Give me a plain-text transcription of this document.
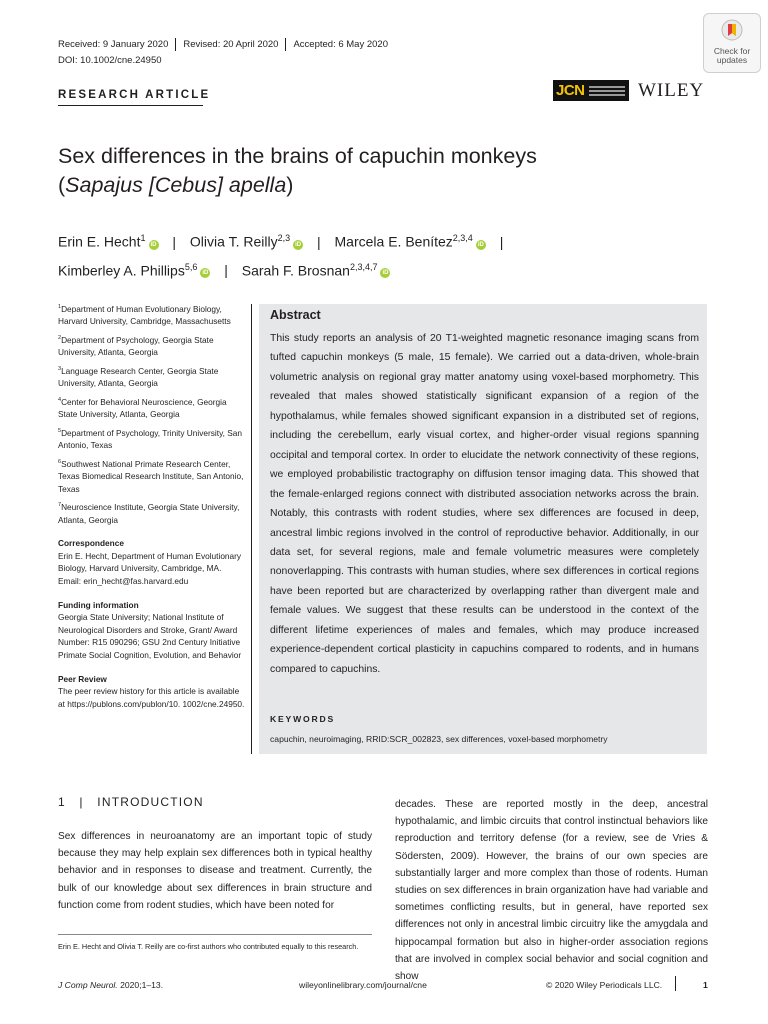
Received: 9 January 2020 Revised: 20 April 2020 Accepted: 6 May 2020
DOI: 10.1002/cne.24950
Check for
updates
RESEARCH ARTICLE	JCN	WILEY
Sex differences in the brains of capuchin monkeys
(Sapajus [Cebus] apella)
Erin E. Hecht$^1$iD | Olivia T. Reilly$^{2,3}$iD | Marcela E. Benítez$^{2,3,4}$iD |
Kimberley A. Phillips$^{5,6}$iD | Sarah F. Brosnan$^{2,3,4,7}$iD
$^1$Department of Human Evolutionary Biology, Harvard University, Cambridge, Massachusetts
$^2$Department of Psychology, Georgia State University, Atlanta, Georgia
$^3$Language Research Center, Georgia State University, Atlanta, Georgia
$^4$Center for Behavioral Neuroscience, Georgia State University, Atlanta, Georgia
$^5$Department of Psychology, Trinity University, San Antonio, Texas
$^6$Southwest National Primate Research Center, Texas Biomedical Research Institute, San Antonio, Texas
$^7$Neuroscience Institute, Georgia State University, Atlanta, Georgia
Correspondence
Erin E. Hecht, Department of Human Evolutionary Biology, Harvard University, Cambridge, MA.
Email: erin_hecht@fas.harvard.edu
Funding information
Georgia State University; National Institute of Neurological Disorders and Stroke, Grant/ Award Number: R15 090296; GSU 2nd Century Initiative Primate Social Cognition, Evolution, and Behavior
Peer Review
The peer review history for this article is available at https://publons.com/publon/10. 1002/cne.24950.
Abstract
This study reports an analysis of 20 T1-weighted magnetic resonance imaging scans from tufted capuchin monkeys (5 male, 15 female). We carried out a data-driven, whole-brain volumetric analysis on regional gray matter anatomy using voxel-based morphometry. This revealed that males showed statistically significant expansion of a region of the hypothalamus, while females showed significant expansion in a distributed set of regions, including the cerebellum, early visual cortex, and higher-order visual regions spanning occipital and temporal cortex. In order to elucidate the network connectivity of these regions, we employed probabilistic tractography on diffusion tensor imaging data. This showed that the female-enlarged regions connect with distributed association networks across the brain. Notably, this contrasts with rodent studies, where sex differences are focused in deep, ancestral limbic regions involved in the control of reproductive behavior. Additionally, in our data set, for several regions, male and female volumetric measures were completely nonoverlapping. This contrasts with human studies, where sex differences in cortical regions have been reported but are characterized by overlapping rather than divergent male and female values. We suggest that these results can be understood in the context of the different lifetime experiences of males and females, which may produce increased experience-dependent cortical plasticity in capuchins compared to rodents, and in humans compared to capuchins.
KEYWORDS
capuchin, neuroimaging, RRID:SCR_002823, sex differences, voxel-based morphometry
1 | INTRODUCTION
Sex differences in neuroanatomy are an important topic of study because they may help explain sex differences both in typical healthy behavior and in responses to disease and treatment. Currently, the bulk of our knowledge about sex differences in brain structure and function come from rodent studies, which have been noted for
decades. These are reported mostly in the deep, ancestral hypothalamic, and limbic circuits that control instinctual behaviors like reproduction and territory defense (for a review, see de Vries & Södersten, 2009). However, the brains of our own species are substantially larger and more complex than those of rodents. Human studies on sex differences in brain organization have had variable and sometimes conflicting results, but in general, have reported sex differences not only in ancestral limbic circuitry like the amygdala and hippocampal formation but also in higher-order association regions that are involved in complex social behavior and social cognition and show
Erin E. Hecht and Olivia T. Reilly are co-first authors who contributed equally to this research.
J Comp Neurol. 2020;1–13.	wileyonlinelibrary.com/journal/cne	© 2020 Wiley Periodicals LLC.	1
